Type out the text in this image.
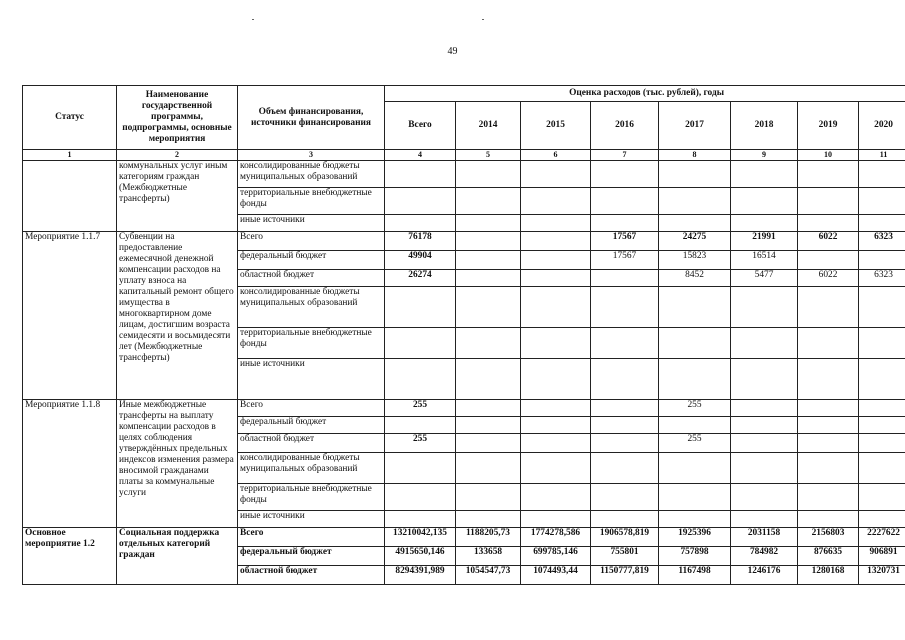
49
Статус	Наименование государственной программы, подпрограммы, основные мероприятия	Объем финансирования, источники финансирования	Оценка расходов (тыс. рублей), годы							
			Всего	2014	2015	2016	2017	2018	2019	2020
1	2	3	4	5	6	7	8	9	10	11
	коммунальных услуг иным категориям граждан (Межбюджетные трансферты)	консолидированные бюджеты муниципальных образований								
		территориальные внебюджетные фонды								
		иные источники								
Мероприятие 1.1.7	Субвенции на предоставление ежемесячной денежной компенсации расходов на уплату взноса на капитальный ремонт общего имущества в многоквартирном доме лицам, достигшим возраста семидесяти и восьмидесяти лет (Межбюджетные трансферты)	Всего	76178			17567	24275	21991	6022	6323
		федеральный бюджет	49904			17567	15823	16514		
		областной бюджет	26274				8452	5477	6022	6323
		консолидированные бюджеты муниципальных образований								
		территориальные внебюджетные фонды								
		иные источники								
Мероприятие 1.1.8	Иные межбюджетные трансферты на выплату компенсации расходов в целях соблюдения утверждённых предельных индексов изменения размера вносимой гражданами платы за коммунальные услуги	Всего	255				255			
		федеральный бюджет								
		областной бюджет	255				255			
		консолидированные бюджеты муниципальных образований								
		территориальные внебюджетные фонды								
		иные источники								
Основное мероприятие 1.2	Социальная поддержка отдельных категорий граждан	Всего	13210042,135	1188205,73	1774278,586	1906578,819	1925396	2031158	2156803	2227622
		федеральный бюджет	4915650,146	133658	699785,146	755801	757898	784982	876635	906891
		областной бюджет	8294391,989	1054547,73	1074493,44	1150777,819	1167498	1246176	1280168	1320731
